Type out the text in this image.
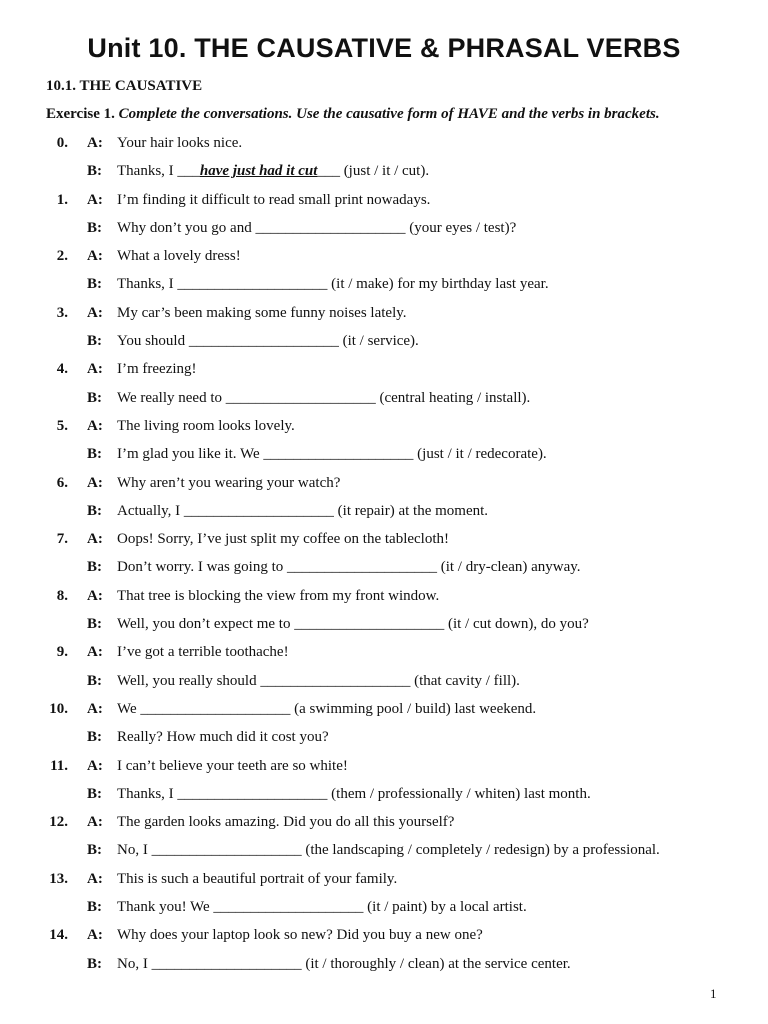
Unit 10. THE CAUSATIVE & PHRASAL VERBS
10.1. THE CAUSATIVE

Exercise 1. Complete the conversations. Use the causative form of HAVE and the verbs in brackets.

0. A: Your hair looks nice.
B: Thanks, I ___have just had it cut___ (just / it / cut).
1. A: I’m finding it difficult to read small print nowadays.
B: Why don’t you go and ____________________ (your eyes / test)?
2. A: What a lovely dress!
B: Thanks, I ____________________ (it / make) for my birthday last year.
3. A: My car’s been making some funny noises lately.
B: You should ____________________ (it / service).
4. A: I’m freezing!
B: We really need to ____________________ (central heating / install).
5. A: The living room looks lovely.
B: I’m glad you like it. We ____________________ (just / it / redecorate).
6. A: Why aren’t you wearing your watch?
B: Actually, I ____________________ (it repair) at the moment.
7. A: Oops! Sorry, I’ve just split my coffee on the tablecloth!
B: Don’t worry. I was going to ____________________ (it / dry-clean) anyway.
8. A: That tree is blocking the view from my front window.
B: Well, you don’t expect me to ____________________ (it / cut down), do you?
9. A: I’ve got a terrible toothache!
B: Well, you really should ____________________ (that cavity / fill).
10. A: We ____________________ (a swimming pool / build) last weekend.
B: Really? How much did it cost you?
11. A: I can’t believe your teeth are so white!
B: Thanks, I ____________________ (them / professionally / whiten) last month.
12. A: The garden looks amazing. Did you do all this yourself?
B: No, I ____________________ (the landscaping / completely / redesign) by a professional.
13. A: This is such a beautiful portrait of your family.
B: Thank you! We ____________________ (it / paint) by a local artist.
14. A: Why does your laptop look so new? Did you buy a new one?
B: No, I ____________________ (it / thoroughly / clean) at the service center.
1
